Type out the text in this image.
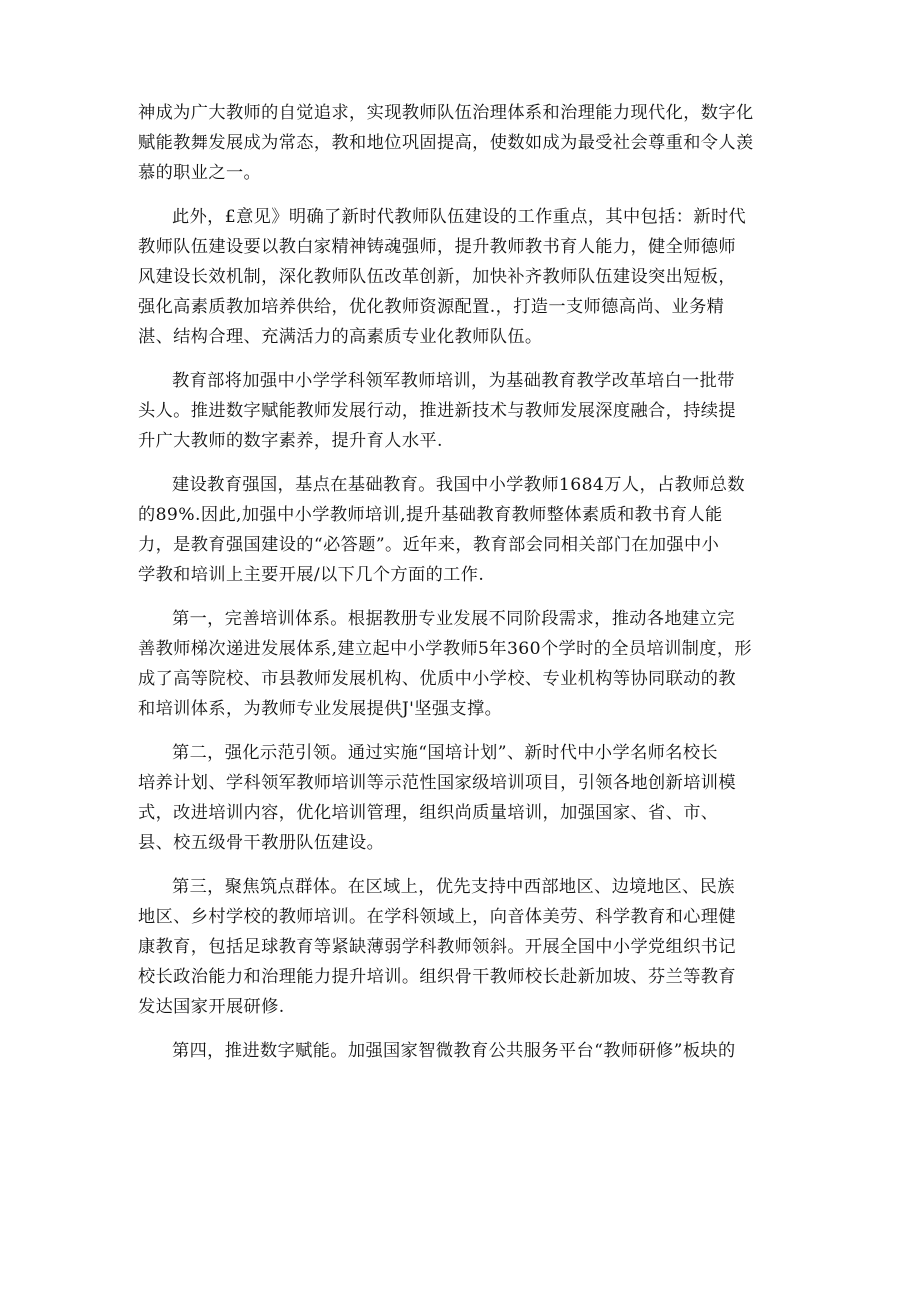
神成为广大教师的自觉追求，实现教师队伍治理体系和治理能力现代化，数字化
赋能教舞发展成为常态，教和地位巩固提高，使数如成为最受社会尊重和令人羡
慕的职业之一。
此外，£意见》明确了新时代教师队伍建设的工作重点，其中包括：新时代
教师队伍建设要以教白家精神铸魂强师，提升教师教书育人能力，健全师德师
风建设长效机制，深化教师队伍改革创新，加快补齐教师队伍建设突出短板，
强化高素质教加培养供给，优化教师资源配置.，打造一支师德高尚、业务精
湛、结构合理、充满活力的高素质专业化教师队伍。
教育部将加强中小学学科领军教师培训，为基础教育教学改革培白一批带
头人。推进数字赋能教师发展行动，推进新技术与教师发展深度融合，持续提
升广大教师的数字素养，提升育人水平.
建设教育强国，基点在基础教育。我国中小学教师1684万人，占教师总数
的89%.因此,加强中小学教师培训,提升基础教育教师整体素质和教书育人能
力，是教育强国建设的“必答题”。近年来，教育部会同相关部门在加强中小
学教和培训上主要开展/以下几个方面的工作.
第一，完善培训体系。根据教册专业发展不同阶段需求，推动各地建立完
善教师梯次递进发展体系,建立起中小学教师5年360个学时的全员培训制度，形
成了高等院校、市县教师发展机构、优质中小学校、专业机构等协同联动的教
和培训体系，为教师专业发展提供J'坚强支撑。
第二，强化示范引领。通过实施“国培计划”、新时代中小学名师名校长
培养计划、学科领军教师培训等示范性国家级培训项目，引领各地创新培训模
式，改进培训内容，优化培训管理，组织尚质量培训，加强国家、省、市、
县、校五级骨干教册队伍建设。
第三，聚焦筑点群体。在区域上，优先支持中西部地区、边境地区、民族
地区、乡村学校的教师培训。在学科领域上，向音体美劳、科学教育和心理健
康教育，包括足球教育等紧缺薄弱学科教师领斜。开展全国中小学党组织书记
校长政治能力和治理能力提升培训。组织骨干教师校长赴新加坡、芬兰等教育
发达国家开展研修.
第四，推进数字赋能。加强国家智微教育公共服务平台“教师研修”板块的
